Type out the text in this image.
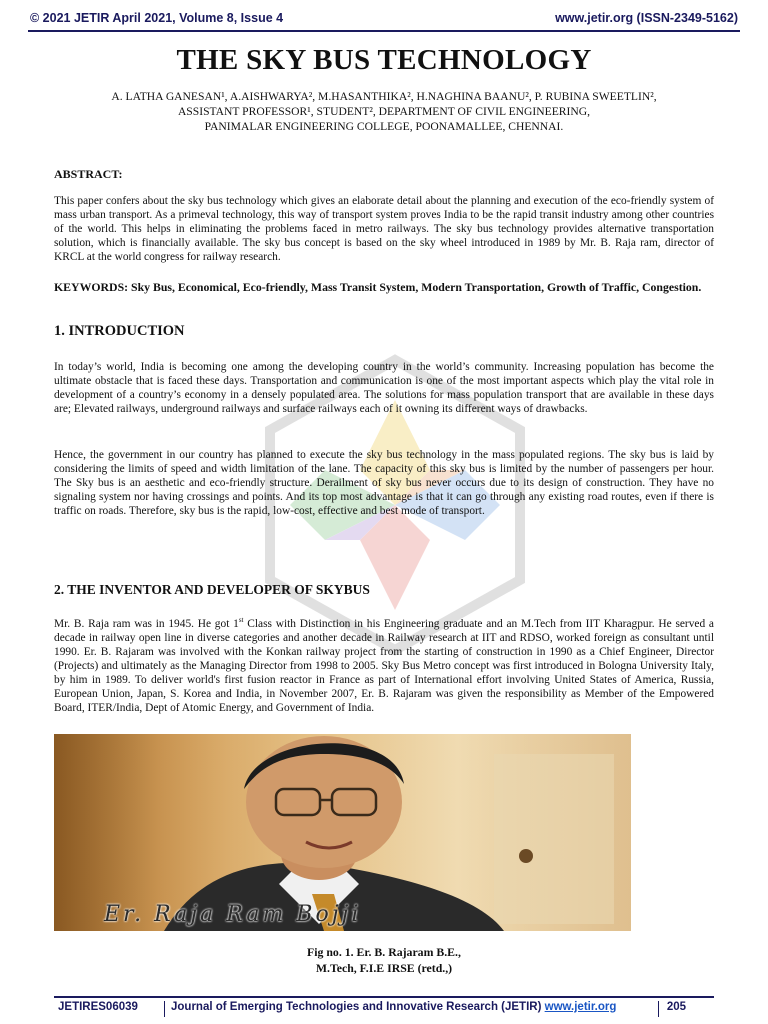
© 2021 JETIR April 2021, Volume 8, Issue 4	www.jetir.org (ISSN-2349-5162)
THE SKY BUS TECHNOLOGY
A. LATHA GANESAN¹, A.AISHWARYA², M.HASANTHIKA², H.NAGHINA BAANU², P. RUBINA SWEETLIN²,
ASSISTANT PROFESSOR¹, STUDENT², DEPARTMENT OF CIVIL ENGINEERING,
PANIMALAR ENGINEERING COLLEGE, POONAMALLEE, CHENNAI.
ABSTRACT:
This paper confers about the sky bus technology which gives an elaborate detail about the planning and execution of the eco-friendly system of mass urban transport. As a primeval technology, this way of transport system proves India to be the rapid transit industry among other countries of the world. This helps in eliminating the problems faced in metro railways. The sky bus technology provides alternative transportation solution, which is financially available. The sky bus concept is based on the sky wheel introduced in 1989 by Mr. B. Raja ram, director of KRCL at the world congress for railway research.
KEYWORDS: Sky Bus, Economical, Eco-friendly, Mass Transit System, Modern Transportation, Growth of Traffic, Congestion.
1. INTRODUCTION
In today’s world, India is becoming one among the developing country in the world’s community. Increasing population has become the ultimate obstacle that is faced these days. Transportation and communication is one of the most important aspects which play the vital role in development of a country’s economy in a densely populated area. The solutions for mass population transport that are available in these days are; Elevated railways, underground railways and surface railways each of it owning its different ways of drawbacks.
Hence, the government in our country has planned to execute the sky bus technology in the mass populated regions. The sky bus is laid by considering the limits of speed and width limitation of the lane. The capacity of this sky bus is limited by the number of passengers per hour. The Sky bus is an aesthetic and eco-friendly structure. Derailment of sky bus never occurs due to its design of construction. They have no signaling system nor having crossings and points. And its top most advantage is that it can go through any existing road routes, even if there is traffic on roads. Therefore, sky bus is the rapid, low-cost, effective and best mode of transport.
2. THE INVENTOR AND DEVELOPER OF SKYBUS
Mr. B. Raja ram was in 1945. He got 1st Class with Distinction in his Engineering graduate and an M.Tech from IIT Kharagpur. He served a decade in railway open line in diverse categories and another decade in Railway research at IIT and RDSO, worked foreign as consultant until 1990. Er. B. Rajaram was involved with the Konkan railway project from the starting of construction in 1990 as a Chief Engineer, Director (Projects) and ultimately as the Managing Director from 1998 to 2005. Sky Bus Metro concept was first introduced in Bologna University Italy, by him in 1989. To deliver world's first fusion reactor in France as part of International effort involving United States of America, Russia, European Union, Japan, S. Korea and India, in November 2007, Er. B. Rajaram was given the responsibility as Member of the Empowered Board, ITER/India, Dept of Atomic Energy, and Government of India.
Er. Raja Ram Bojji
Fig no. 1. Er. B. Rajaram B.E.,
M.Tech, F.I.E IRSE (retd.,)
JETIRES06039	Journal of Emerging Technologies and Innovative Research (JETIR) www.jetir.org	205
